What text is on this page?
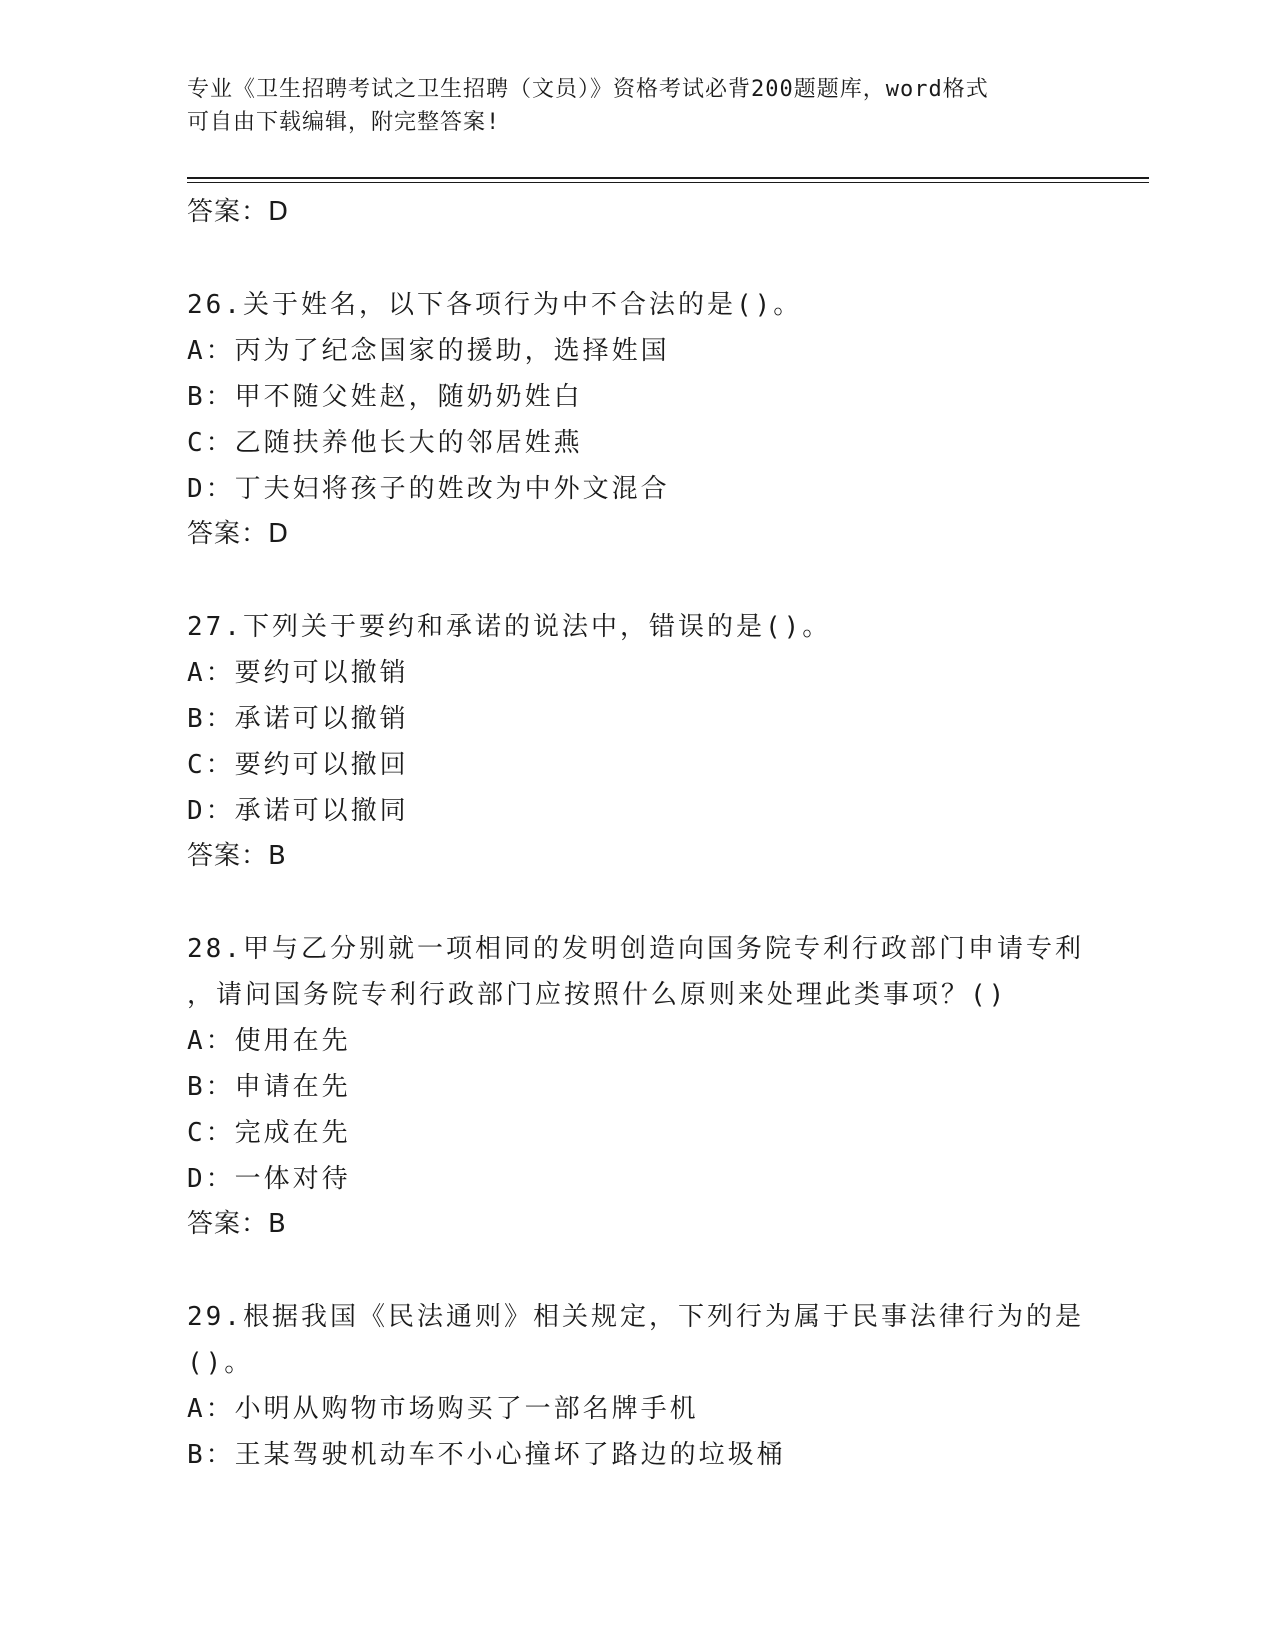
专业《卫生招聘考试之卫生招聘（文员）》资格考试必背200题题库，word格式
可自由下载编辑，附完整答案!
答案：D
26.关于姓名，以下各项行为中不合法的是()。
A：丙为了纪念国家的援助，选择姓国
B：甲不随父姓赵，随奶奶姓白
C：乙随扶养他长大的邻居姓燕
D：丁夫妇将孩子的姓改为中外文混合
答案：D
27.下列关于要约和承诺的说法中，错误的是()。
A：要约可以撤销
B：承诺可以撤销
C：要约可以撤回
D：承诺可以撤同
答案：B
28.甲与乙分别就一项相同的发明创造向国务院专利行政部门申请专利
，请问国务院专利行政部门应按照什么原则来处理此类事项？()
A：使用在先
B：申请在先
C：完成在先
D：一体对待
答案：B
29.根据我国《民法通则》相关规定，下列行为属于民事法律行为的是
()。
A：小明从购物市场购买了一部名牌手机
B：王某驾驶机动车不小心撞坏了路边的垃圾桶
